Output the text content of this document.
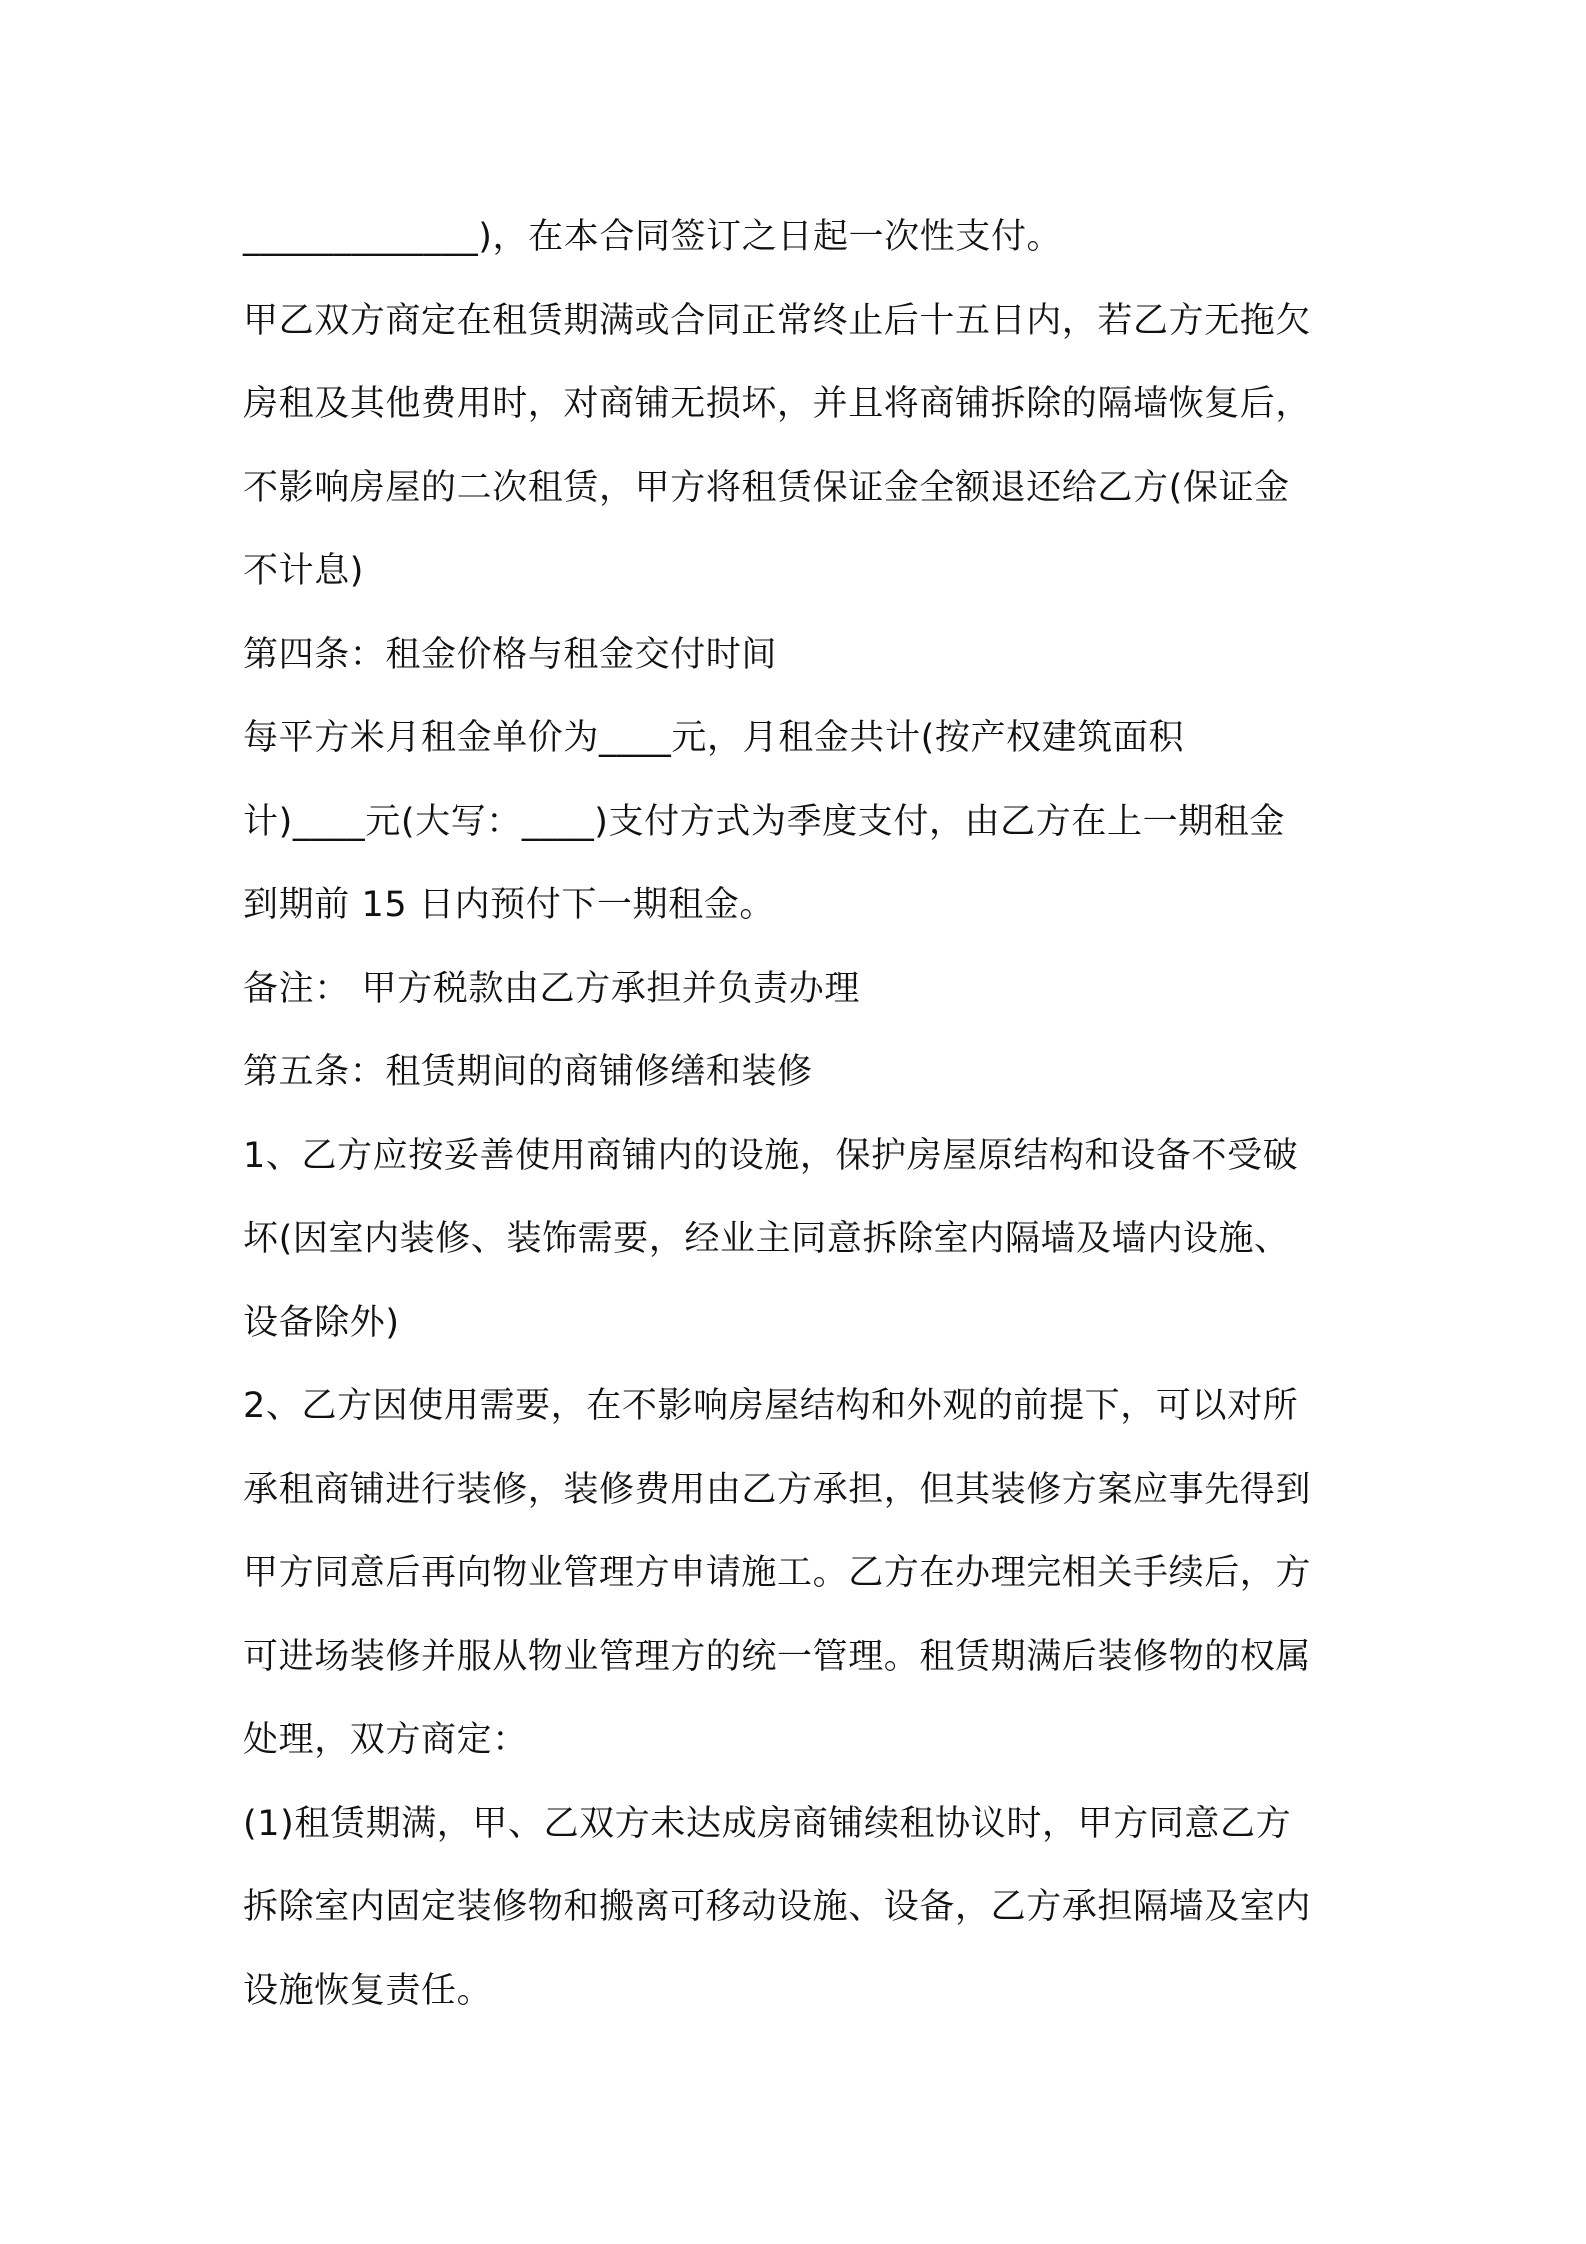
_____________)，在本合同签订之日起一次性支付。
甲乙双方商定在租赁期满或合同正常终止后十五日内，若乙方无拖欠
房租及其他费用时，对商铺无损坏，并且将商铺拆除的隔墙恢复后，
不影响房屋的二次租赁，甲方将租赁保证金全额退还给乙方(保证金
不计息)
第四条：租金价格与租金交付时间
每平方米月租金单价为____元，月租金共计(按产权建筑面积
计)____元(大写：____)支付方式为季度支付，由乙方在上一期租金
到期前 15 日内预付下一期租金。
备注： 甲方税款由乙方承担并负责办理
第五条：租赁期间的商铺修缮和装修
1、乙方应按妥善使用商铺内的设施，保护房屋原结构和设备不受破
坏(因室内装修、装饰需要，经业主同意拆除室内隔墙及墙内设施、
设备除外)
2、乙方因使用需要，在不影响房屋结构和外观的前提下，可以对所
承租商铺进行装修，装修费用由乙方承担，但其装修方案应事先得到
甲方同意后再向物业管理方申请施工。乙方在办理完相关手续后，方
可进场装修并服从物业管理方的统一管理。租赁期满后装修物的权属
处理，双方商定：
(1)租赁期满，甲、乙双方未达成房商铺续租协议时，甲方同意乙方
拆除室内固定装修物和搬离可移动设施、设备，乙方承担隔墙及室内
设施恢复责任。
